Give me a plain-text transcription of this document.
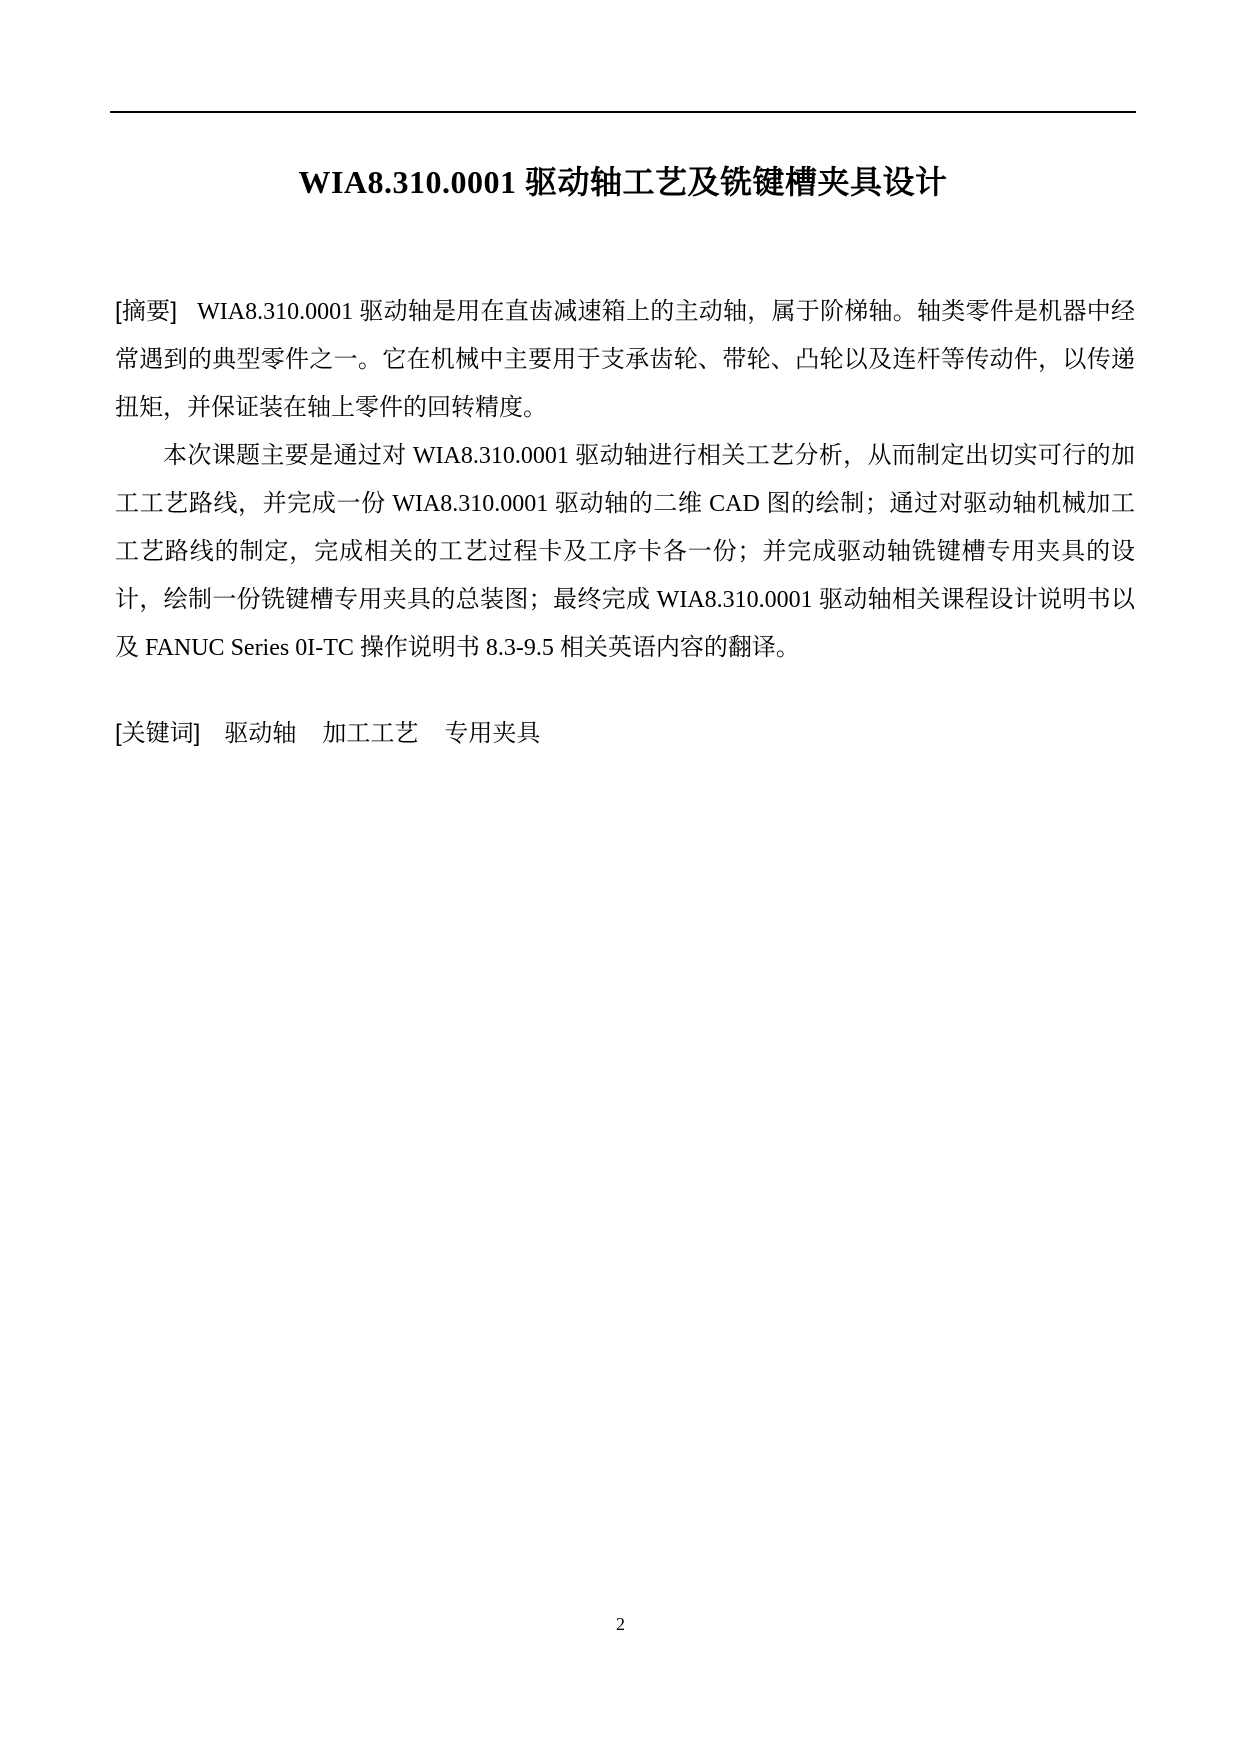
WIA8.310.0001 驱动轴工艺及铣键槽夹具设计

[摘要] WIA8.310.0001 驱动轴是用在直齿减速箱上的主动轴，属于阶梯轴。轴类零件是机器中经常遇到的典型零件之一。它在机械中主要用于支承齿轮、带轮、凸轮以及连杆等传动件，以传递扭矩，并保证装在轴上零件的回转精度。

本次课题主要是通过对 WIA8.310.0001 驱动轴进行相关工艺分析，从而制定出切实可行的加工工艺路线，并完成一份 WIA8.310.0001 驱动轴的二维 CAD 图的绘制；通过对驱动轴机械加工工艺路线的制定，完成相关的工艺过程卡及工序卡各一份；并完成驱动轴铣键槽专用夹具的设计，绘制一份铣键槽专用夹具的总装图；最终完成 WIA8.310.0001 驱动轴相关课程设计说明书以及 FANUC Series 0I-TC 操作说明书 8.3-9.5 相关英语内容的翻译。

[关键词] 驱动轴 加工工艺 专用夹具
2
